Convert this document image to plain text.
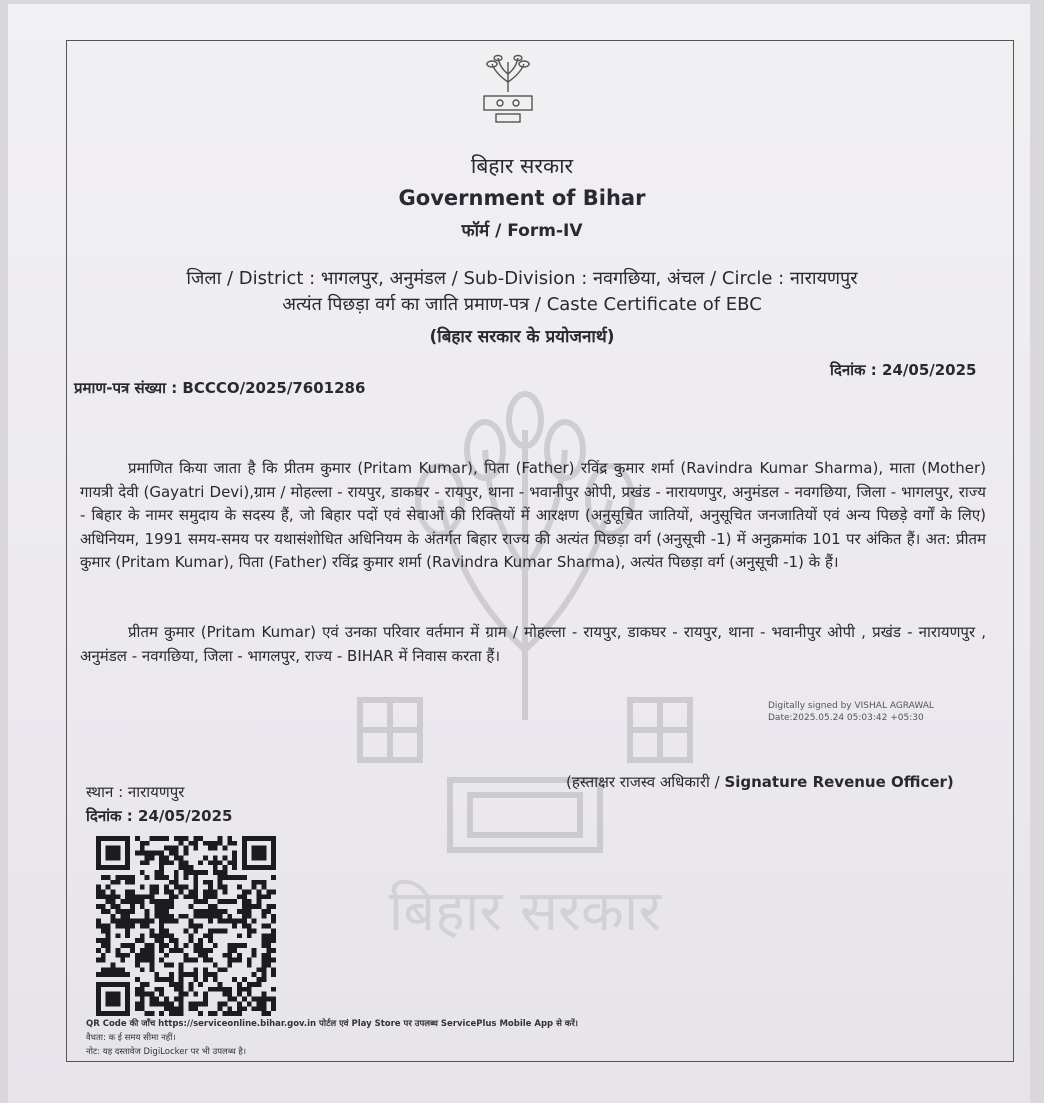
बिहार सरकार
Government of Bihar
फॉर्म / Form-IV
जिला / District : भागलपुर, अनुमंडल / Sub-Division : नवगछिया, अंचल / Circle : नारायणपुर
अत्यंत पिछड़ा वर्ग का जाति प्रमाण-पत्र / Caste Certificate of EBC
(बिहार सरकार के प्रयोजनार्थ)
दिनांक : 24/05/2025
प्रमाण-पत्र संख्या : BCCCO/2025/7601286
बिहार सरकार
प्रमाणित किया जाता है कि प्रीतम कुमार (Pritam Kumar), पिता (Father) रविंद्र कुमार शर्मा (Ravindra Kumar Sharma), माता (Mother) गायत्री देवी (Gayatri Devi),ग्राम / मोहल्ला - रायपुर, डाकघर - रायपुर, थाना - भवानीपुर ओपी, प्रखंड - नारायणपुर, अनुमंडल - नवगछिया, जिला - भागलपुर, राज्य - बिहार के नामर समुदाय के सदस्य हैं, जो बिहार पदों एवं सेवाओं की रिक्तियों में आरक्षण (अनुसूचित जातियों, अनुसूचित जनजातियों एवं अन्य पिछड़े वर्गों के लिए) अधिनियम, 1991 समय-समय पर यथासंशोधित अधिनियम के अंतर्गत बिहार राज्य की अत्यंत पिछड़ा वर्ग (अनुसूची -1) में अनुक्रमांक 101 पर अंकित हैं। अत: प्रीतम कुमार (Pritam Kumar), पिता (Father) रविंद्र कुमार शर्मा (Ravindra Kumar Sharma), अत्यंत पिछड़ा वर्ग (अनुसूची -1) के हैं।
प्रीतम कुमार (Pritam Kumar) एवं उनका परिवार वर्तमान में ग्राम / मोहल्ला - रायपुर, डाकघर - रायपुर, थाना - भवानीपुर ओपी , प्रखंड - नारायणपुर , अनुमंडल - नवगछिया, जिला - भागलपुर, राज्य - BIHAR में निवास करता हैं।
Digitally signed by VISHAL AGRAWAL
Date:2025.05.24 05:03:42 +05:30
स्थान : नारायणपुर
दिनांक : 24/05/2025
(हस्ताक्षर राजस्व अधिकारी / Signature Revenue Officer)
QR Code की जाँच https://serviceonline.bihar.gov.in पोर्टल एवं Play Store पर उपलब्ध ServicePlus Mobile App से करें।
वैधता: क ई समय सीमा नहीं।
नोट: यह दस्तावेज DigiLocker पर भी उपलब्ध है।
